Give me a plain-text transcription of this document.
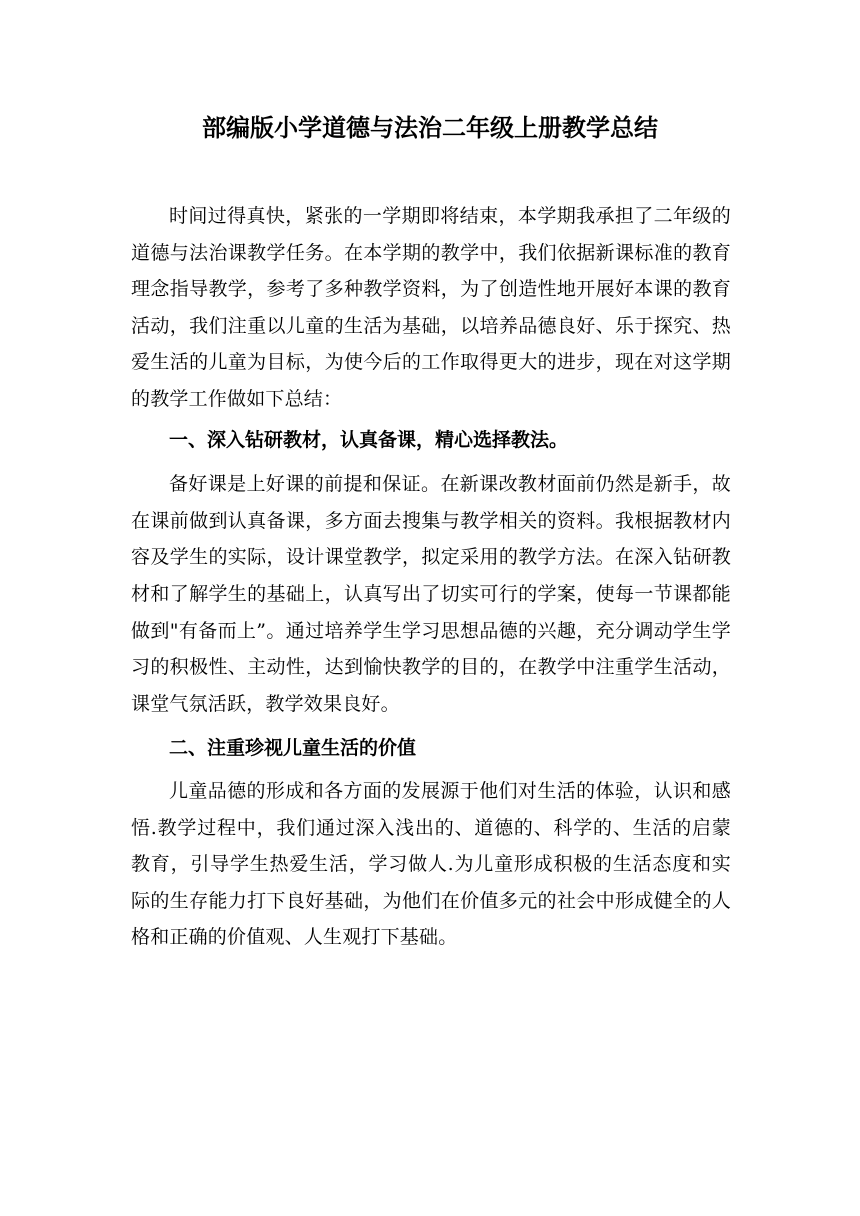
部编版小学道德与法治二年级上册教学总结

时间过得真快，紧张的一学期即将结束，本学期我承担了二年级的道德与法治课教学任务。在本学期的教学中，我们依据新课标准的教育理念指导教学，参考了多种教学资料，为了创造性地开展好本课的教育活动，我们注重以儿童的生活为基础，以培养品德良好、乐于探究、热爱生活的儿童为目标，为使今后的工作取得更大的进步，现在对这学期的教学工作做如下总结：

一、深入钻研教材，认真备课，精心选择教法。

备好课是上好课的前提和保证。在新课改教材面前仍然是新手，故在课前做到认真备课，多方面去搜集与教学相关的资料。我根据教材内容及学生的实际，设计课堂教学，拟定采用的教学方法。在深入钻研教材和了解学生的基础上，认真写出了切实可行的学案，使每一节课都能做到"有备而上”。通过培养学生学习思想品德的兴趣，充分调动学生学习的积极性、主动性，达到愉快教学的目的，在教学中注重学生活动，课堂气氛活跃，教学效果良好。

二、注重珍视儿童生活的价值

儿童品德的形成和各方面的发展源于他们对生活的体验，认识和感悟.教学过程中，我们通过深入浅出的、道德的、科学的、生活的启蒙教育，引导学生热爱生活，学习做人.为儿童形成积极的生活态度和实际的生存能力打下良好基础，为他们在价值多元的社会中形成健全的人格和正确的价值观、人生观打下基础。
